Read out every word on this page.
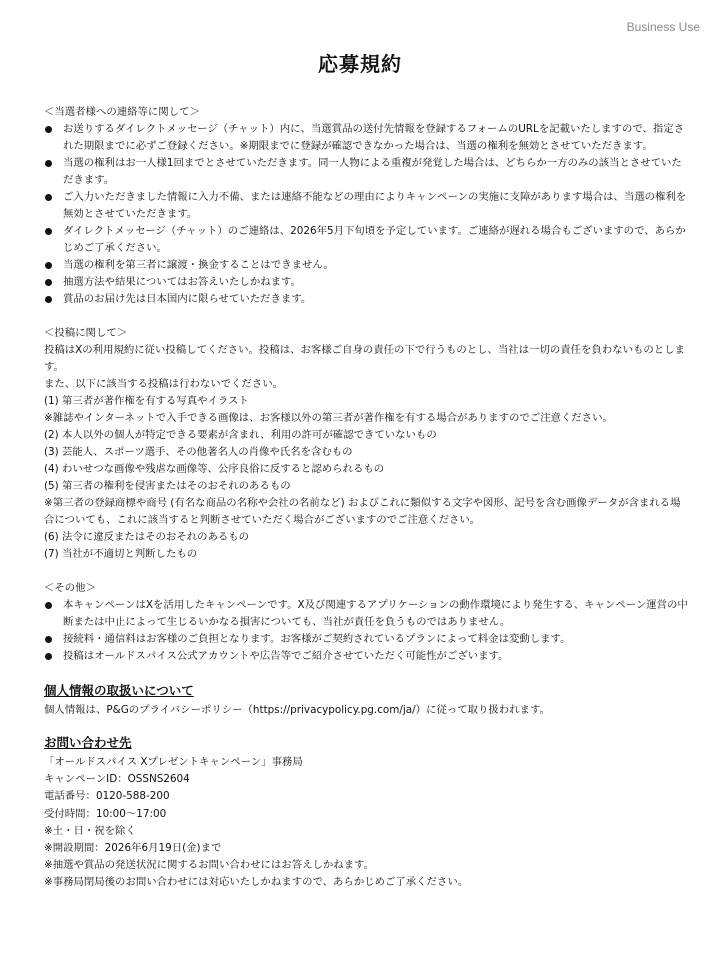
Business Use
応募規約
＜当選者様への連絡等に関して＞
お送りするダイレクトメッセージ（チャット）内に、当選賞品の送付先情報を登録するフォームのURLを記載いたしますので、指定された期限までに必ずご登録ください。※期限までに登録が確認できなかった場合は、当選の権利を無効とさせていただきます。
当選の権利はお一人様1回までとさせていただきます。同一人物による重複が発覚した場合は、どちらか一方のみの該当とさせていただきます。
ご入力いただきました情報に入力不備、または連絡不能などの理由によりキャンペーンの実施に支障があります場合は、当選の権利を無効とさせていただきます。
ダイレクトメッセージ（チャット）のご連絡は、2026年5月下旬頃を予定しています。ご連絡が遅れる場合もございますので、あらかじめご了承ください。
当選の権利を第三者に譲渡・換金することはできません。
抽選方法や結果についてはお答えいたしかねます。
賞品のお届け先は日本国内に限らせていただきます。
＜投稿に関して＞
投稿はXの利用規約に従い投稿してください。投稿は、お客様ご自身の責任の下で行うものとし、当社は一切の責任を負わないものとします。
また、以下に該当する投稿は行わないでください。
(1) 第三者が著作権を有する写真やイラスト
※雑誌やインターネットで入手できる画像は、お客様以外の第三者が著作権を有する場合がありますのでご注意ください。
(2) 本人以外の個人が特定できる要素が含まれ、利用の許可が確認できていないもの
(3) 芸能人、スポーツ選手、その他著名人の肖像や氏名を含むもの
(4) わいせつな画像や残虐な画像等、公序良俗に反すると認められるもの
(5) 第三者の権利を侵害またはそのおそれのあるもの
※第三者の登録商標や商号 (有名な商品の名称や会社の名前など) およびこれに類似する文字や図形、記号を含む画像データが含まれる場合についても、これに該当すると判断させていただく場合がございますのでご注意ください。
(6) 法令に違反またはそのおそれのあるもの
(7) 当社が不適切と判断したもの
＜その他＞
本キャンペーンはXを活用したキャンペーンです。X及び関連するアプリケーションの動作環境により発生する、キャンペーン運営の中断または中止によって生じるいかなる損害についても、当社が責任を負うものではありません。
接続料・通信料はお客様のご負担となります。お客様がご契約されているプランによって料金は変動します。
投稿はオールドスパイス公式アカウントや広告等でご紹介させていただく可能性がございます。
個人情報の取扱いについて
個人情報は、P&Gのプライバシーポリシー（https://privacypolicy.pg.com/ja/）に従って取り扱われます。
お問い合わせ先
「オールドスパイス Xプレゼントキャンペーン」事務局
キャンペーンID：OSSNS2604
電話番号：0120-588-200
受付時間：10:00～17:00
※土・日・祝を除く
※開設期間：2026年6月19日(金)まで
※抽選や賞品の発送状況に関するお問い合わせにはお答えしかねます。
※事務局閉局後のお問い合わせには対応いたしかねますので、あらかじめご了承ください。
